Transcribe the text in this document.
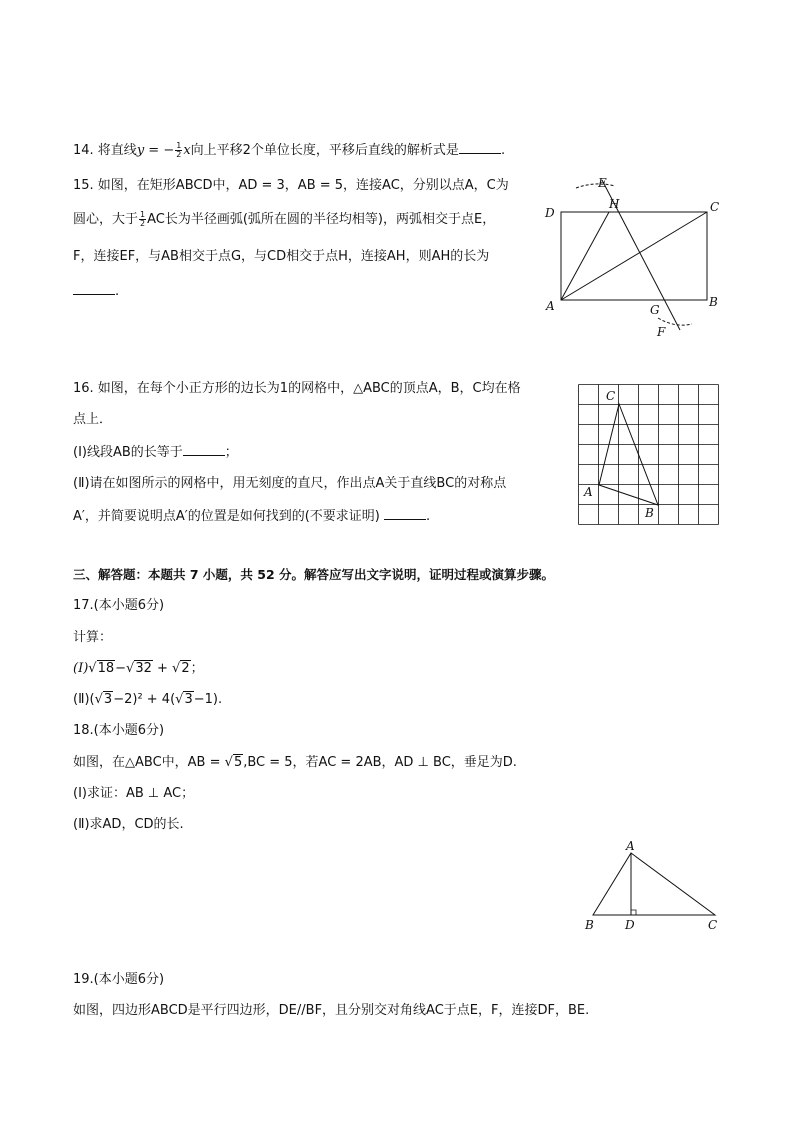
14. 将直线y = − $\frac{1}{2}$ x向上平移2个单位长度，平移后直线的解析式是	.
15. 如图，在矩形ABCD中，AD = 3，AB = 5，连接AC，分别以点A，C为
圆心，大于 $\frac{1}{2}$ AC长为半径画弧(弧所在圆的半径均相等)，两弧相交于点E，
F，连接EF，与AB相交于点G，与CD相交于点H，连接AH，则AH的长为
.
D
H	C
E
A	G
B
F
16. 如图，在每个小正方形的边长为1的网格中，△ABC的顶点A，B，C均在格
点上．
(I)线段AB的长等于	；
(Ⅱ)请在如图所示的网格中，用无刻度的直尺，作出点A关于直线BC的对称点
A′，并简要说明点A′的位置是如何找到的(不要求证明)	.
C
A
B
三、解答题：本题共 7 小题，共 52 分。解答应写出文字说明，证明过程或演算步骤。
17.(本小题6分)
计算：
(I)√18−√32 + √2；
(Ⅱ)(√3−2)² + 4(√3−1).
18.(本小题6分)
如图，在△ABC中，AB = √5,BC = 5，若AC = 2AB，AD ⊥ BC，垂足为D.
(I)求证：AB ⊥ AC；
(Ⅱ)求AD，CD的长.
A
B	D	C
19.(本小题6分)
如图，四边形ABCD是平行四边形，DE//BF，且分别交对角线AC于点E，F，连接DF，BE.
